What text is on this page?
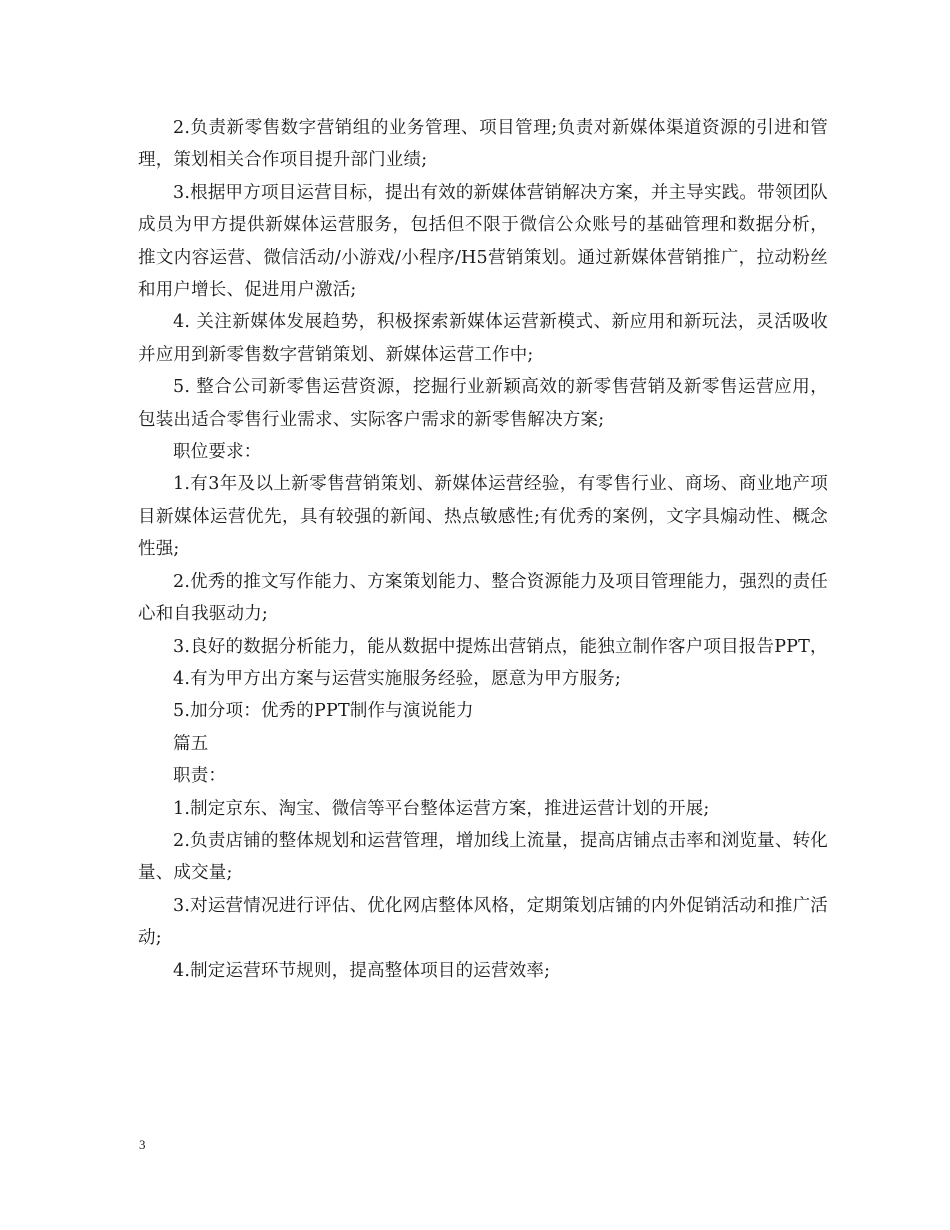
2.负责新零售数字营销组的业务管理、项目管理;负责对新媒体渠道资源的引进和管理，策划相关合作项目提升部门业绩;

3.根据甲方项目运营目标，提出有效的新媒体营销解决方案，并主导实践。带领团队成员为甲方提供新媒体运营服务，包括但不限于微信公众账号的基础管理和数据分析，推文内容运营、微信活动/小游戏/小程序/H5营销策划。通过新媒体营销推广，拉动粉丝和用户增长、促进用户激活;

4. 关注新媒体发展趋势，积极探索新媒体运营新模式、新应用和新玩法，灵活吸收并应用到新零售数字营销策划、新媒体运营工作中;

5. 整合公司新零售运营资源，挖掘行业新颖高效的新零售营销及新零售运营应用，包装出适合零售行业需求、实际客户需求的新零售解决方案;

职位要求：

1.有3年及以上新零售营销策划、新媒体运营经验，有零售行业、商场、商业地产项目新媒体运营优先，具有较强的新闻、热点敏感性;有优秀的案例，文字具煽动性、概念性强;

2.优秀的推文写作能力、方案策划能力、整合资源能力及项目管理能力，强烈的责任心和自我驱动力;

3.良好的数据分析能力，能从数据中提炼出营销点，能独立制作客户项目报告PPT，

4.有为甲方出方案与运营实施服务经验，愿意为甲方服务;

5.加分项：优秀的PPT制作与演说能力

篇五

职责：

1.制定京东、淘宝、微信等平台整体运营方案，推进运营计划的开展;

2.负责店铺的整体规划和运营管理，增加线上流量，提高店铺点击率和浏览量、转化量、成交量;

3.对运营情况进行评估、优化网店整体风格，定期策划店铺的内外促销活动和推广活动;

4.制定运营环节规则，提高整体项目的运营效率;

3
